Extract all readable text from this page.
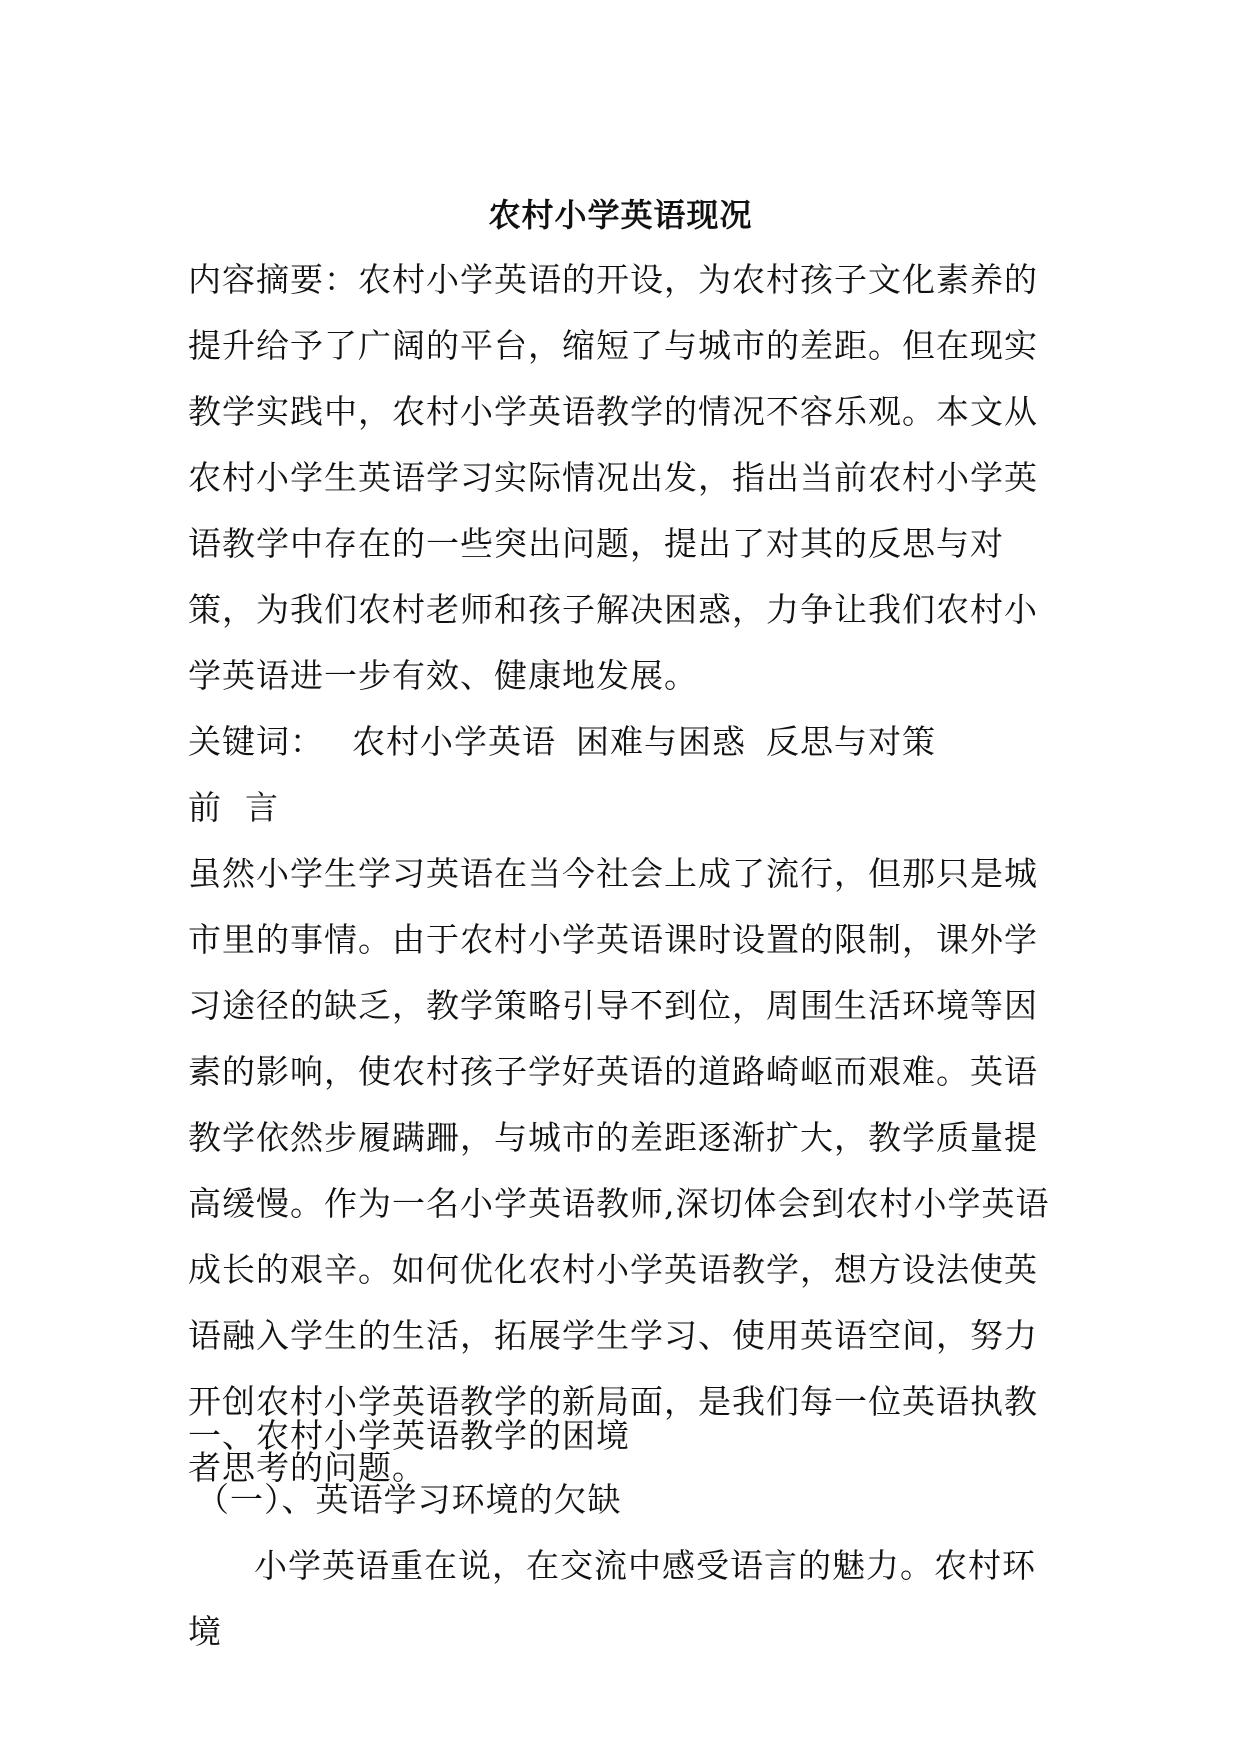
农村小学英语现况

内容摘要：农村小学英语的开设，为农村孩子文化素养的提升给予了广阔的平台，缩短了与城市的差距。但在现实教学实践中，农村小学英语教学的情况不容乐观。本文从农村小学生英语学习实际情况出发，指出当前农村小学英语教学中存在的一些突出问题，提出了对其的反思与对策，为我们农村老师和孩子解决困惑，力争让我们农村小学英语进一步有效、健康地发展。

关键词： 农村小学英语 困难与困惑 反思与对策

前  言

虽然小学生学习英语在当今社会上成了流行，但那只是城市里的事情。由于农村小学英语课时设置的限制，课外学习途径的缺乏，教学策略引导不到位，周围生活环境等因素的影响，使农村孩子学好英语的道路崎岖而艰难。英语教学依然步履蹒跚，与城市的差距逐渐扩大，教学质量提高缓慢。作为一名小学英语教师,深切体会到农村小学英语成长的艰辛。如何优化农村小学英语教学，想方设法使英语融入学生的生活，拓展学生学习、使用英语空间，努力开创农村小学英语教学的新局面，是我们每一位英语执教者思考的问题。

一、农村小学英语教学的困境

（一）、英语学习环境的欠缺

小学英语重在说，在交流中感受语言的魅力。农村环境
